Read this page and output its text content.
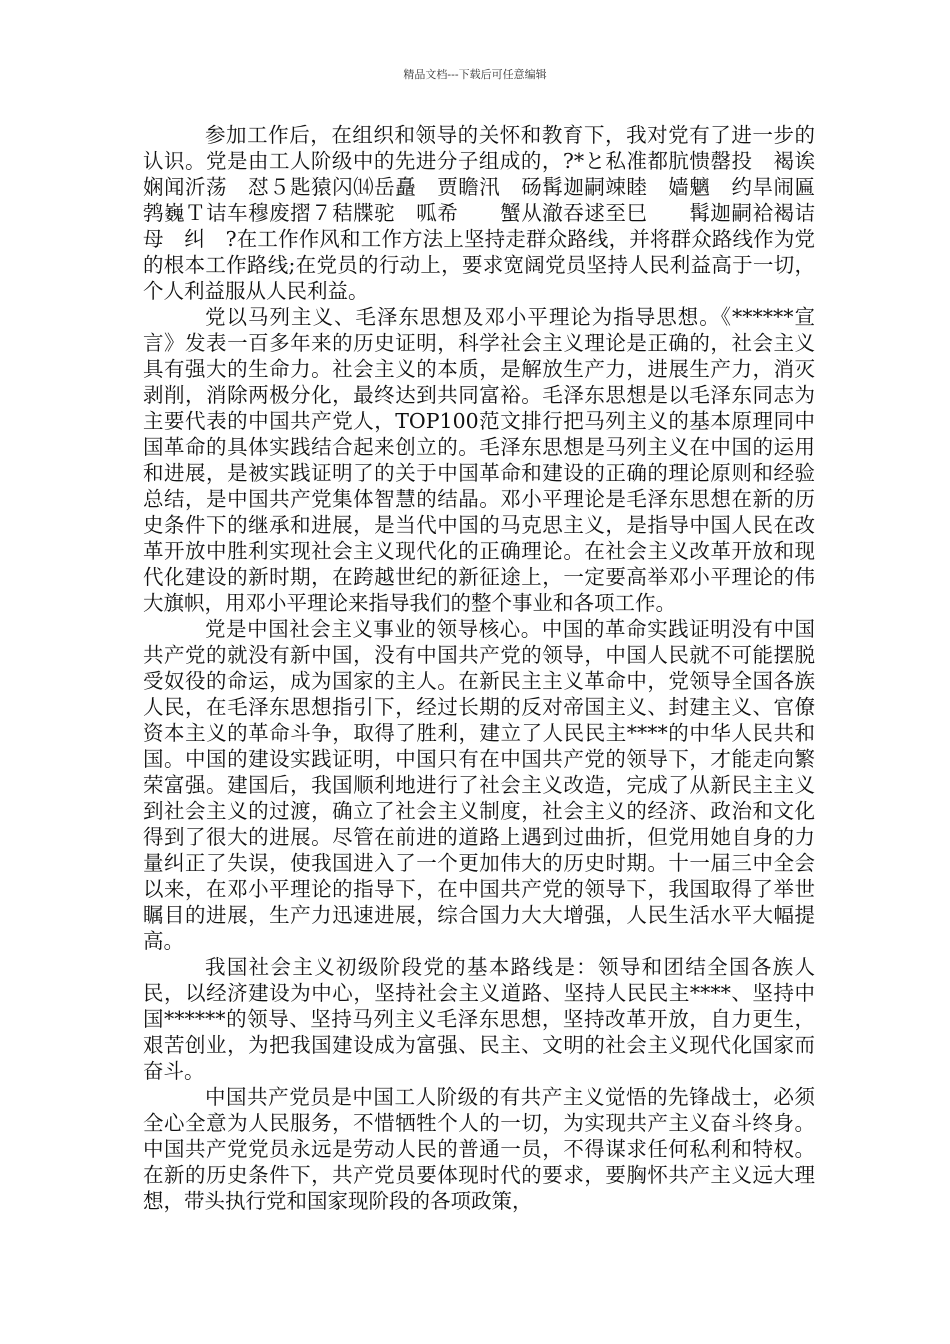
精品文档---下载后可任意编辑

参加工作后，在组织和领导的关怀和教育下，我对党有了进一步的认识。党是由工人阶级中的先进分子组成的，?*と私准都肮愦罄投　褐诶　娴闻沂荡　怼５匙猿闪⒁岳矗　贾瞻汛　砀髯迦嗣竦睦　嫱魑　约旱闹匾　鹁巍Ｔ诘车穆废摺７秸牒驼　呱希　　蟹从澈吞逑至巳　　髯迦嗣袷褐诘母　纠　?在工作作风和工作方法上坚持走群众路线，并将群众路线作为党的根本工作路线;在党员的行动上，要求宽阔党员坚持人民利益高于一切，个人利益服从人民利益。

党以马列主义、毛泽东思想及邓小平理论为指导思想。《******宣言》发表一百多年来的历史证明，科学社会主义理论是正确的，社会主义具有强大的生命力。社会主义的本质，是解放生产力，进展生产力，消灭剥削，消除两极分化，最终达到共同富裕。毛泽东思想是以毛泽东同志为主要代表的中国共产党人，TOP100范文排行把马列主义的基本原理同中国革命的具体实践结合起来创立的。毛泽东思想是马列主义在中国的运用和进展，是被实践证明了的关于中国革命和建设的正确的理论原则和经验总结，是中国共产党集体智慧的结晶。邓小平理论是毛泽东思想在新的历史条件下的继承和进展，是当代中国的马克思主义，是指导中国人民在改革开放中胜利实现社会主义现代化的正确理论。在社会主义改革开放和现代化建设的新时期，在跨越世纪的新征途上，一定要高举邓小平理论的伟大旗帜，用邓小平理论来指导我们的整个事业和各项工作。

党是中国社会主义事业的领导核心。中国的革命实践证明没有中国共产党的就没有新中国，没有中国共产党的领导，中国人民就不可能摆脱受奴役的命运，成为国家的主人。在新民主主义革命中，党领导全国各族人民，在毛泽东思想指引下，经过长期的反对帝国主义、封建主义、官僚资本主义的革命斗争，取得了胜利，建立了人民民主****的中华人民共和国。中国的建设实践证明，中国只有在中国共产党的领导下，才能走向繁荣富强。建国后，我国顺利地进行了社会主义改造，完成了从新民主主义到社会主义的过渡，确立了社会主义制度，社会主义的经济、政治和文化得到了很大的进展。尽管在前进的道路上遇到过曲折，但党用她自身的力量纠正了失误，使我国进入了一个更加伟大的历史时期。十一届三中全会以来，在邓小平理论的指导下，在中国共产党的领导下，我国取得了举世瞩目的进展，生产力迅速进展，综合国力大大增强，人民生活水平大幅提高。

我国社会主义初级阶段党的基本路线是：领导和团结全国各族人民，以经济建设为中心，坚持社会主义道路、坚持人民民主****、坚持中国******的领导、坚持马列主义毛泽东思想，坚持改革开放，自力更生，艰苦创业，为把我国建设成为富强、民主、文明的社会主义现代化国家而奋斗。

中国共产党员是中国工人阶级的有共产主义觉悟的先锋战士，必须全心全意为人民服务，不惜牺牲个人的一切，为实现共产主义奋斗终身。中国共产党党员永远是劳动人民的普通一员，不得谋求任何私利和特权。在新的历史条件下，共产党员要体现时代的要求，要胸怀共产主义远大理想，带头执行党和国家现阶段的各项政策，
